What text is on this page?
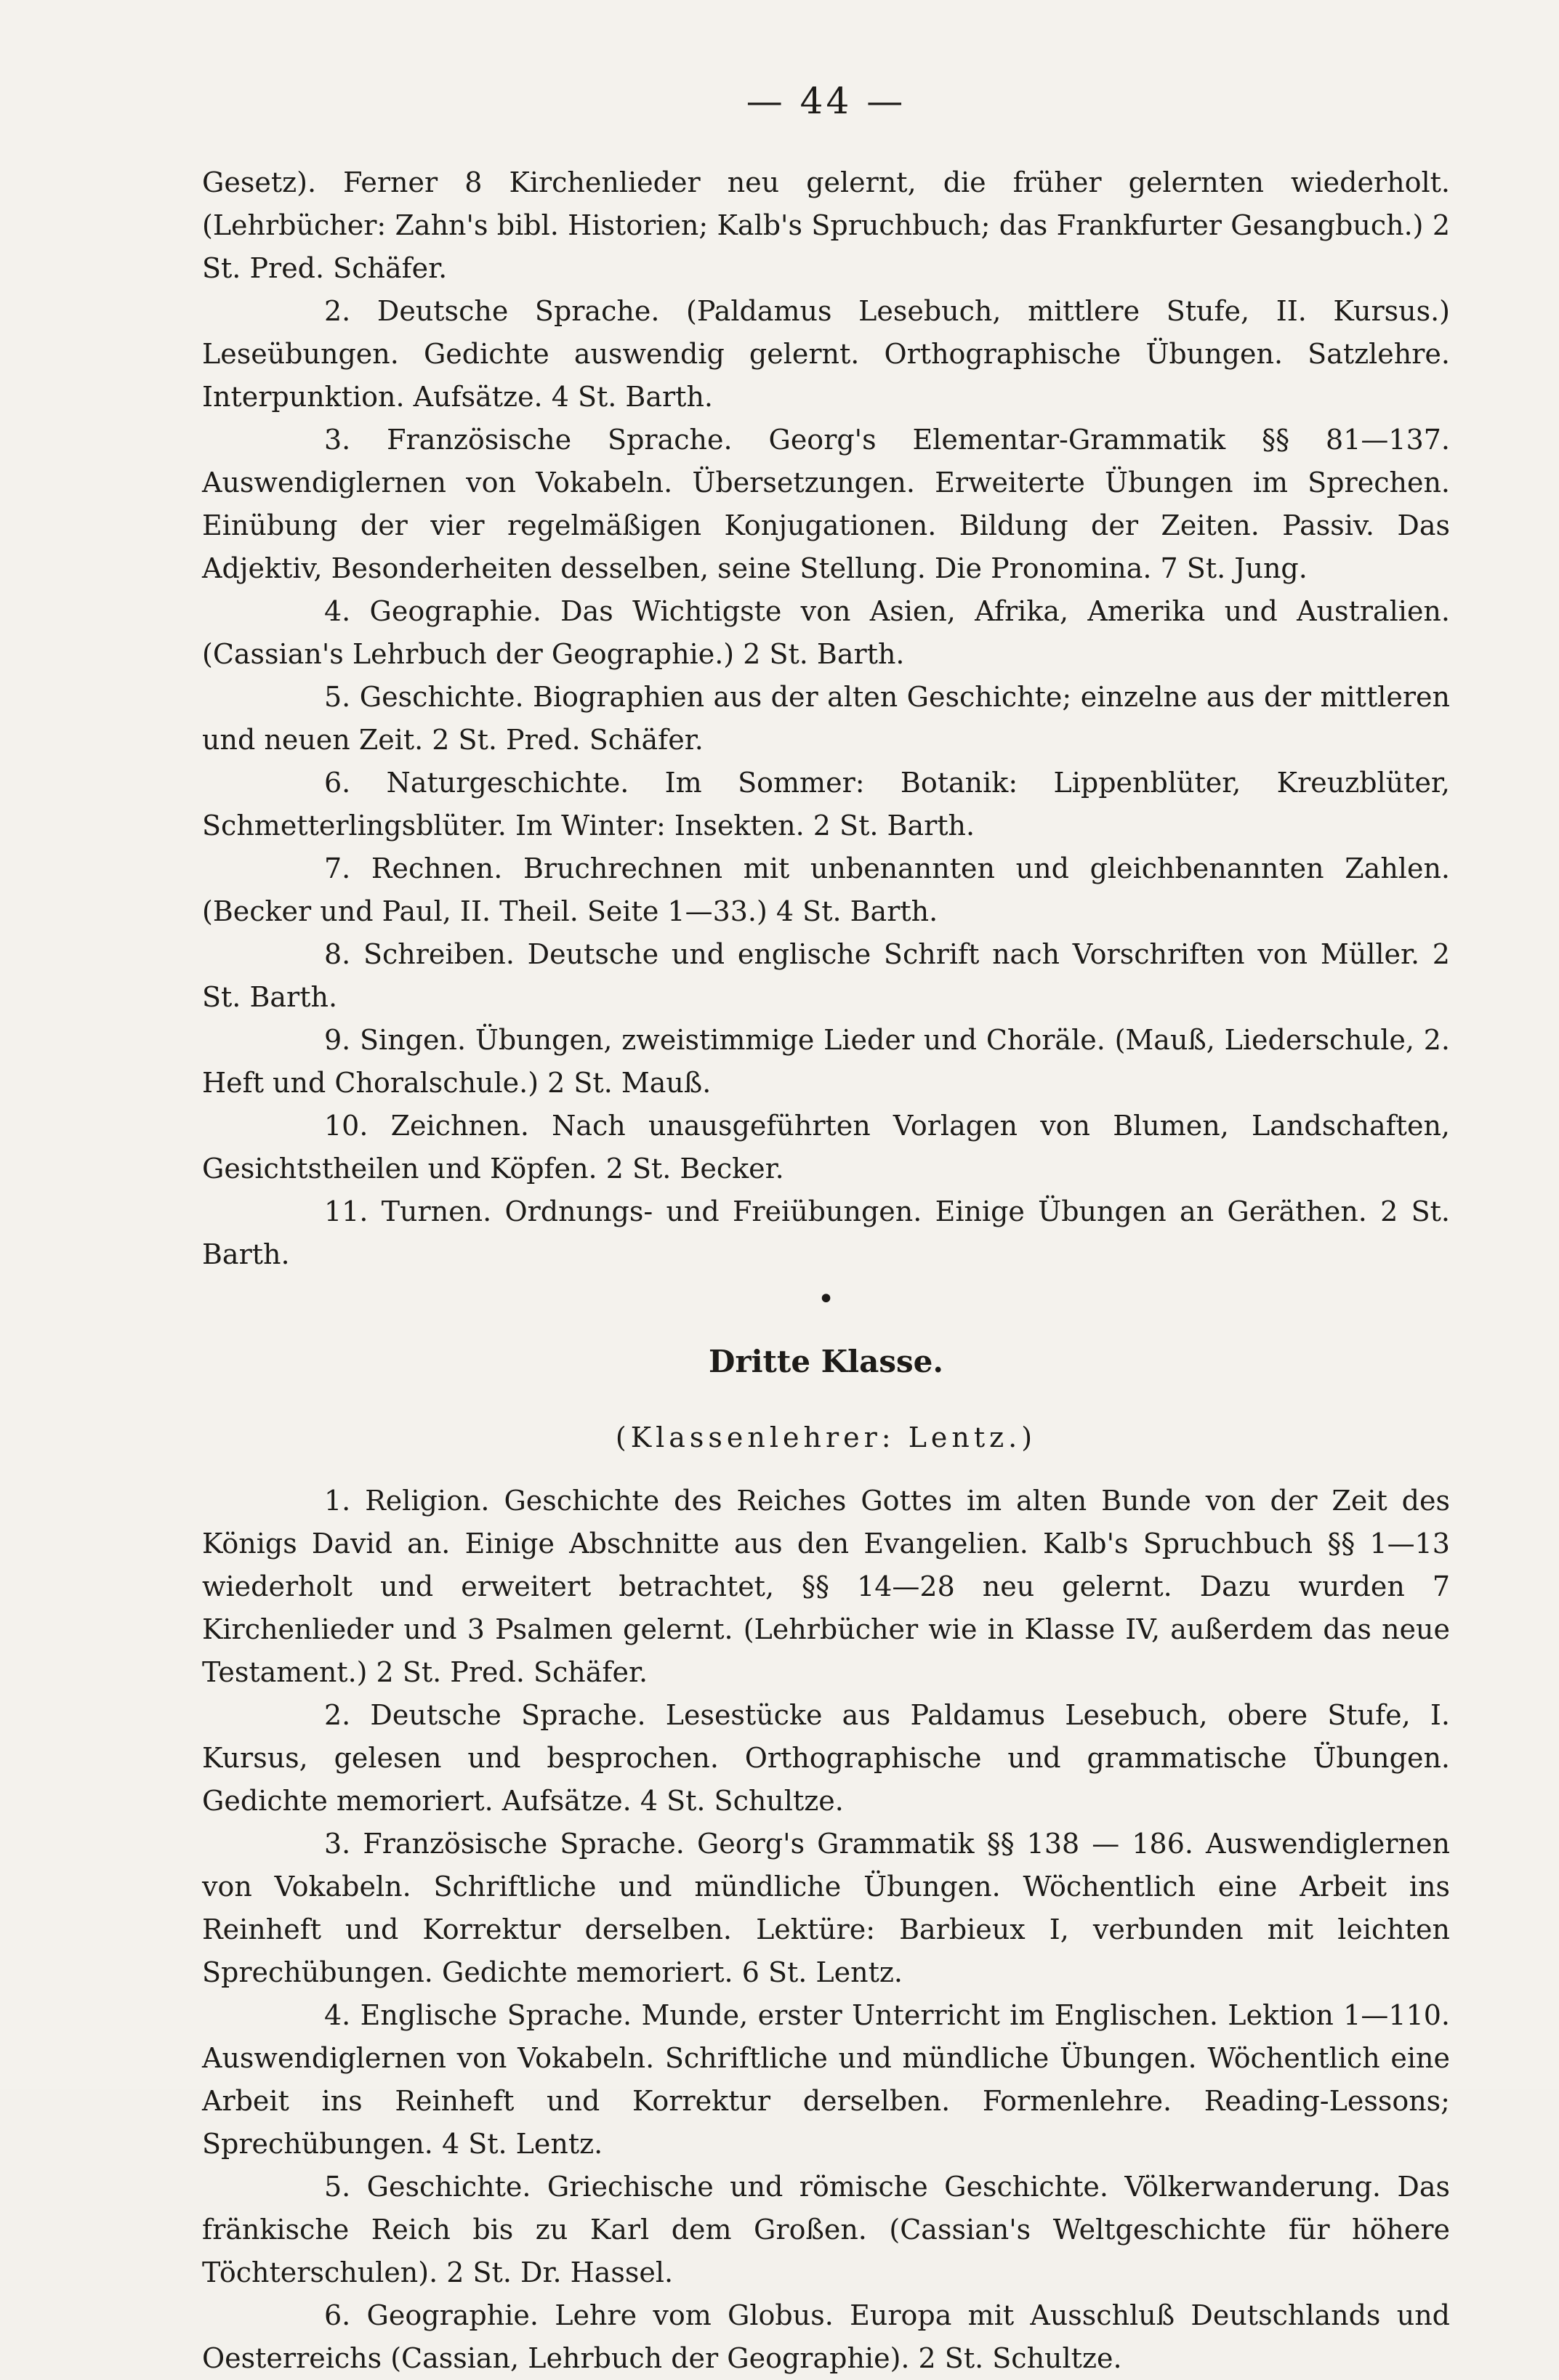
— 44 —

Gesetz). Ferner 8 Kirchenlieder neu gelernt, die früher gelernten wiederholt. (Lehrbücher: Zahn's bibl. Historien; Kalb's Spruchbuch; das Frankfurter Gesangbuch.) 2 St. Pred. Schäfer.

2. Deutsche Sprache. (Paldamus Lesebuch, mittlere Stufe, II. Kursus.) Leseübungen. Gedichte auswendig gelernt. Orthographische Übungen. Satzlehre. Interpunktion. Aufsätze. 4 St. Barth.

3. Französische Sprache. Georg's Elementar-Grammatik §§ 81—137. Auswendiglernen von Vokabeln. Übersetzungen. Erweiterte Übungen im Sprechen. Einübung der vier regelmäßigen Konjugationen. Bildung der Zeiten. Passiv. Das Adjektiv, Besonderheiten desselben, seine Stellung. Die Pronomina. 7 St. Jung.

4. Geographie. Das Wichtigste von Asien, Afrika, Amerika und Australien. (Cassian's Lehrbuch der Geographie.) 2 St. Barth.

5. Geschichte. Biographien aus der alten Geschichte; einzelne aus der mittleren und neuen Zeit. 2 St. Pred. Schäfer.

6. Naturgeschichte. Im Sommer: Botanik: Lippenblüter, Kreuzblüter, Schmetterlingsblüter. Im Winter: Insekten. 2 St. Barth.

7. Rechnen. Bruchrechnen mit unbenannten und gleichbenannten Zahlen. (Becker und Paul, II. Theil. Seite 1—33.) 4 St. Barth.

8. Schreiben. Deutsche und englische Schrift nach Vorschriften von Müller. 2 St. Barth.

9. Singen. Übungen, zweistimmige Lieder und Choräle. (Mauß, Liederschule, 2. Heft und Choralschule.) 2 St. Mauß.

10. Zeichnen. Nach unausgeführten Vorlagen von Blumen, Landschaften, Gesichtstheilen und Köpfen. 2 St. Becker.

11. Turnen. Ordnungs- und Freiübungen. Einige Übungen an Geräthen. 2 St. Barth.

•
Dritte Klasse.
(Klassenlehrer: Lentz.)

1. Religion. Geschichte des Reiches Gottes im alten Bunde von der Zeit des Königs David an. Einige Abschnitte aus den Evangelien. Kalb's Spruchbuch §§ 1—13 wiederholt und erweitert betrachtet, §§ 14—28 neu gelernt. Dazu wurden 7 Kirchenlieder und 3 Psalmen gelernt. (Lehrbücher wie in Klasse IV, außerdem das neue Testament.) 2 St. Pred. Schäfer.

2. Deutsche Sprache. Lesestücke aus Paldamus Lesebuch, obere Stufe, I. Kursus, gelesen und besprochen. Orthographische und grammatische Übungen. Gedichte memoriert. Aufsätze. 4 St. Schultze.

3. Französische Sprache. Georg's Grammatik §§ 138 — 186. Auswendiglernen von Vokabeln. Schriftliche und mündliche Übungen. Wöchentlich eine Arbeit ins Reinheft und Korrektur derselben. Lektüre: Barbieux I, verbunden mit leichten Sprechübungen. Gedichte memoriert. 6 St. Lentz.

4. Englische Sprache. Munde, erster Unterricht im Englischen. Lektion 1—110. Auswendiglernen von Vokabeln. Schriftliche und mündliche Übungen. Wöchentlich eine Arbeit ins Reinheft und Korrektur derselben. Formenlehre. Reading-Lessons; Sprechübungen. 4 St. Lentz.

5. Geschichte. Griechische und römische Geschichte. Völkerwanderung. Das fränkische Reich bis zu Karl dem Großen. (Cassian's Weltgeschichte für höhere Töchterschulen). 2 St. Dr. Hassel.

6. Geographie. Lehre vom Globus. Europa mit Ausschluß Deutschlands und Oesterreichs (Cassian, Lehrbuch der Geographie). 2 St. Schultze.
